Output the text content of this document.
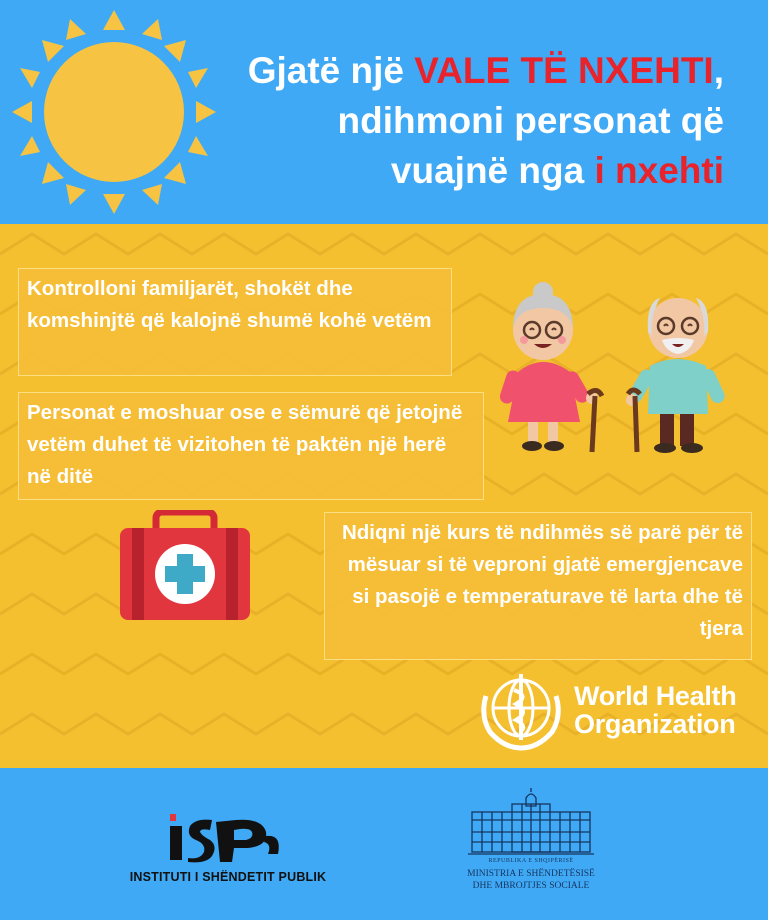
Gjatë një VALE TË NXEHTI,
ndihmoni personat që
vuajnë nga i nxehti
Kontrolloni familjarët, shokët dhe komshinjtë që kalojnë shumë kohë vetëm
Personat e moshuar ose e sëmurë që jetojnë vetëm duhet të vizitohen të paktën një herë në ditë
Ndiqni një kurs të ndihmës së parë për të mësuar si të veproni gjatë emergjencave si pasojë e temperaturave të larta dhe të tjera
World Health
Organization
INSTITUTI I SHËNDETIT PUBLIK
REPUBLIKA E SHQIPËRISË
MINISTRIA E SHËNDETËSISË
DHE MBROJTJES SOCIALE
